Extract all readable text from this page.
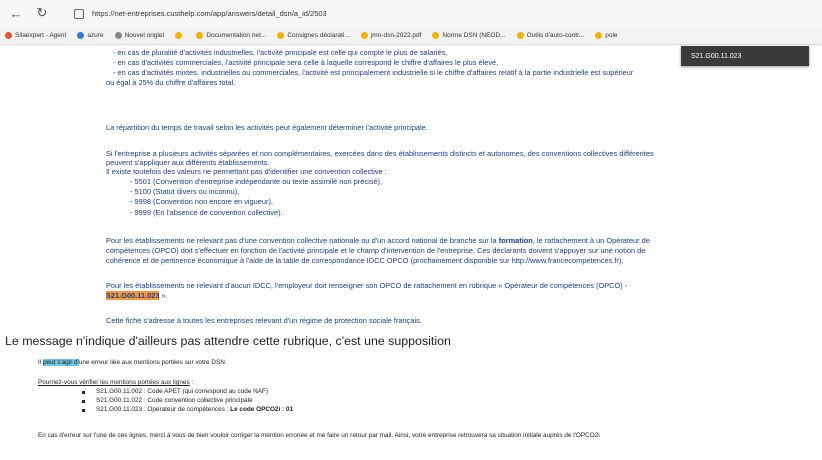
← ↻	https://net-entreprises.custhelp.com/app/answers/detail_dsn/a_id/2503
Silaexpert - Agent	azure	Nouvel onglet	Documentation net...	Consignes déclarati...	jmn-dsn-2022.pdf	Norme DSN (NEOD...	Outils d'auto-contr...	pole
S21.G00.11.023
- en cas de pluralité d'activités industrielles, l'activité principale est celle qui compte le plus de salariés,
- en cas d'activités commerciales, l'activité principale sera celle à laquelle correspond le chiffre d'affaires le plus élevé,
- en cas d'activités mixtes, industrielles ou commerciales, l'activité est principalement industrielle si le chiffre d'affaires relatif à la partie industrielle est supérieur
ou égal à 25% du chiffre d'affaires total.
La répartition du temps de travail selon les activités peut également déterminer l'activité principale.
Si l'entreprise a plusieurs activités séparées et non complémentaires, exercées dans des établissements distincts et autonomes, des conventions collectives différentes
peuvent s'appliquer aux différents établissements.
Il existe toutefois des valeurs ne permettant pas d'identifier une convention collective :
- 5501 (Convention d'entreprise indépendante ou texte assimilé non précisé),
- 5100 (Statut divers ou inconnu),
- 9998 (Convention non encore en vigueur),
- 9999 (En l'absence de convention collective).
Pour les établissements ne relevant pas d'une convention collective nationale ou d'un accord national de branche sur la formation, le rattachement à un Opérateur de
compétences (OPCO) doit s'effectuer en fonction de l'activité principale et le champ d'intervention de l'entreprise. Ces déclarants doivent s'appuyer sur une notion de
cohérence et de pertinence économique à l'aide de la table de correspondance IDCC OPCO (prochainement disponible sur http://www.francecompetences.fr).
Pour les établissements ne relevant d'aucun IDCC, l'employeur doit renseigner son OPCO de rattachement en rubrique « Opérateur de compétences (OPCO) -
S21.G00.11.023 ».
Cette fiche s'adresse à toutes les entreprises relevant d'un régime de protection sociale français.
Le message n'indique d'ailleurs pas attendre cette rubrique, c'est une supposition
Il peut s'agir d'une erreur liée aux mentions portées sur votre DSN.
Pourriez-vous vérifier les mentions portées aux lignes :
S21.G00.11.002 : Code APET (qui correspond au code NAF)
S21.G00.11.022 : Code convention collective principale
S21.G00.11.023 : Opérateur de compétences : Le code OPCO2i : 01
En cas d'erreur sur l'une de ces lignes, merci à vous de bien vouloir corriger la mention erronée et me faire un retour par mail. Ainsi, votre entreprise retrouvera sa situation initiale auprès de l'OPCO2i
